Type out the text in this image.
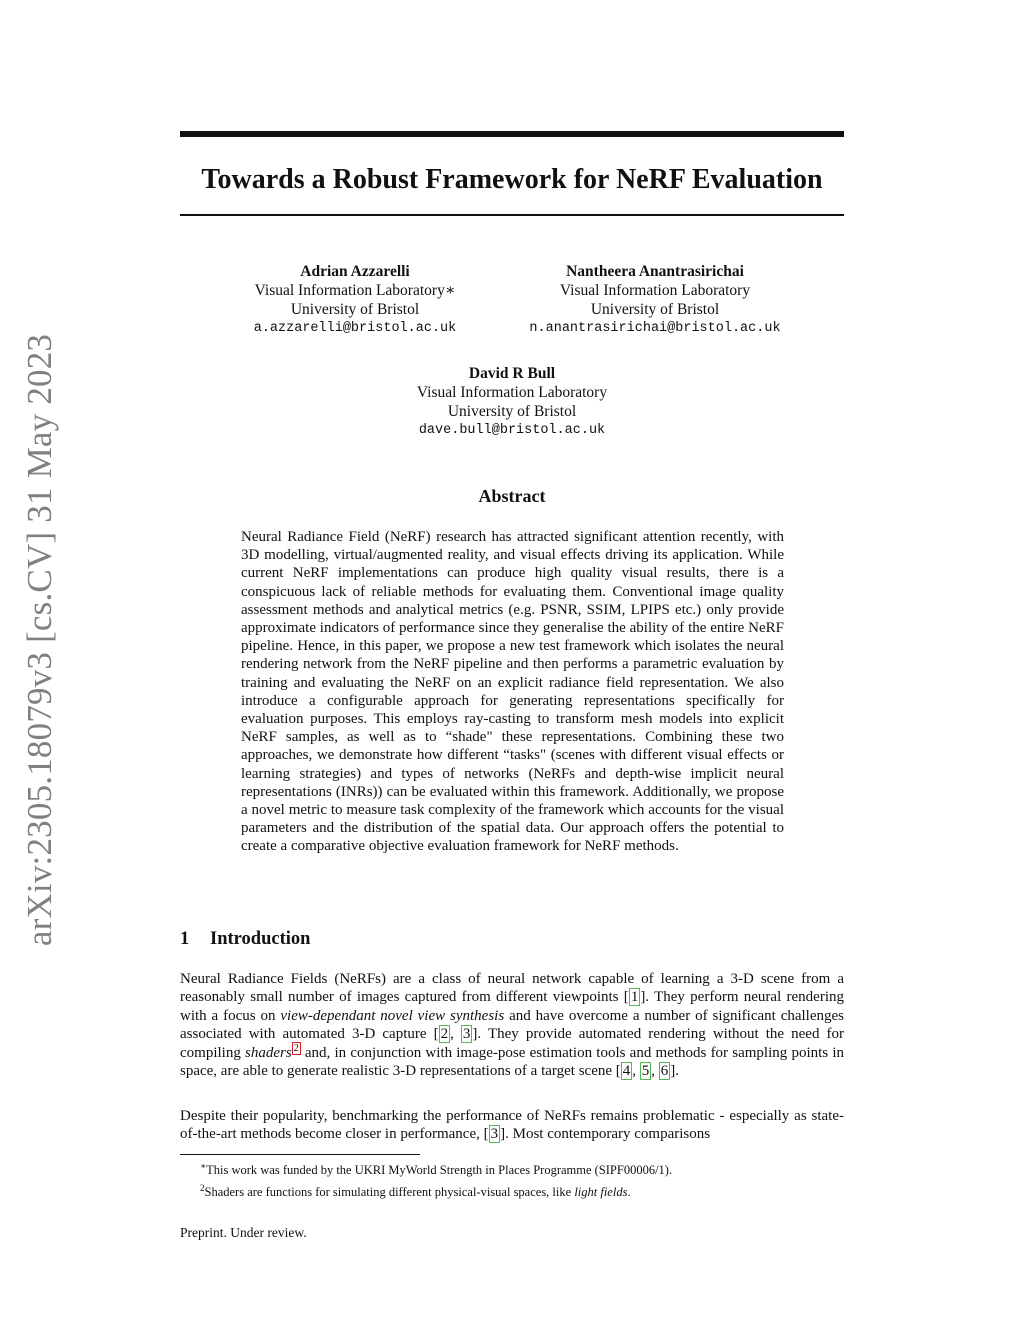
arXiv:2305.18079v3 [cs.CV] 31 May 2023
Towards a Robust Framework for NeRF Evaluation
Adrian Azzarelli
Visual Information Laboratory∗
University of Bristol
a.azzarelli@bristol.ac.uk
Nantheera Anantrasirichai
Visual Information Laboratory
University of Bristol
n.anantrasirichai@bristol.ac.uk
David R Bull
Visual Information Laboratory
University of Bristol
dave.bull@bristol.ac.uk
Abstract
Neural Radiance Field (NeRF) research has attracted significant attention recently, with 3D modelling, virtual/augmented reality, and visual effects driving its application. While current NeRF implementations can produce high quality visual results, there is a conspicuous lack of reliable methods for evaluating them. Conventional image quality assessment methods and analytical metrics (e.g. PSNR, SSIM, LPIPS etc.) only provide approximate indicators of performance since they generalise the ability of the entire NeRF pipeline. Hence, in this paper, we propose a new test framework which isolates the neural rendering network from the NeRF pipeline and then performs a parametric evaluation by training and evaluating the NeRF on an explicit radiance field representation. We also introduce a configurable approach for generating representations specifically for evaluation purposes. This employs ray-casting to transform mesh models into explicit NeRF samples, as well as to “shade" these representations. Combining these two approaches, we demonstrate how different “tasks" (scenes with different visual effects or learning strategies) and types of networks (NeRFs and depth-wise implicit neural representations (INRs)) can be evaluated within this framework. Additionally, we propose a novel metric to measure task complexity of the framework which accounts for the visual parameters and the distribution of the spatial data. Our approach offers the potential to create a comparative objective evaluation framework for NeRF methods.
1 Introduction
Neural Radiance Fields (NeRFs) are a class of neural network capable of learning a 3-D scene from a reasonably small number of images captured from different viewpoints [ 1 ]. They perform neural rendering with a focus on view-dependant novel view synthesis and have overcome a number of significant challenges associated with automated 3-D capture [ 2 , 3 ]. They provide automated rendering without the need for compiling shaders $^2$ and, in conjunction with image-pose estimation tools and methods for sampling points in space, are able to generate realistic 3-D representations of a target scene [ 4 , 5 , 6 ].
Despite their popularity, benchmarking the performance of NeRFs remains problematic - especially as state-of-the-art methods become closer in performance, [ 3 ]. Most contemporary comparisons
∗This work was funded by the UKRI MyWorld Strength in Places Programme (SIPF00006/1).
$^2$Shaders are functions for simulating different physical-visual spaces, like light fields.
Preprint. Under review.
